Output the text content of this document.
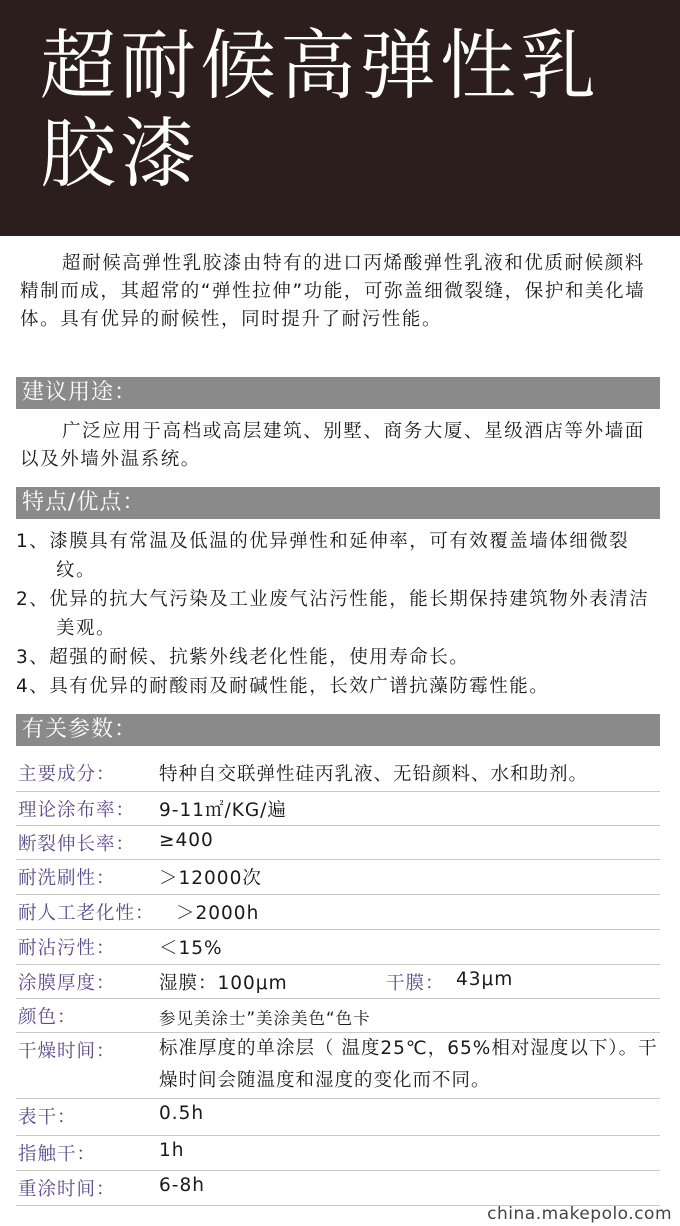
超耐候高弹性乳胶漆

超耐候高弹性乳胶漆由特有的进口丙烯酸弹性乳液和优质耐候颜料精制而成，其超常的“弹性拉伸”功能，可弥盖细微裂缝，保护和美化墙体。具有优异的耐候性，同时提升了耐污性能。

建议用途：

广泛应用于高档或高层建筑、别墅、商务大厦、星级酒店等外墙面以及外墙外温系统。

特点/优点：
1、漆膜具有常温及低温的优异弹性和延伸率，可有效覆盖墙体细微裂纹。
2、优异的抗大气污染及工业废气沾污性能，能长期保持建筑物外表清洁美观。
3、超强的耐候、抗紫外线老化性能，使用寿命长。
4、具有优异的耐酸雨及耐碱性能，长效广谱抗藻防霉性能。
有关参数：
主要成分： 特种自交联弹性硅丙乳液、无铅颜料、水和助剂。
理论涂布率： 9-11㎡/KG/遍
断裂伸长率： ≥400
耐洗刷性： ＞12000次
耐人工老化性： ＞2000h
耐沾污性： ＜15%
涂膜厚度： 湿膜：100μm	干膜： 43μm
颜色：	参见美涂士”美涂美色“色卡
干燥时间： 标准厚度的单涂层（ 温度25℃，65%相对湿度以下）。干燥时间会随温度和湿度的变化而不同。
表干：	0.5h
指触干：	1h
重涂时间： 6-8h
china.makepolo.com
